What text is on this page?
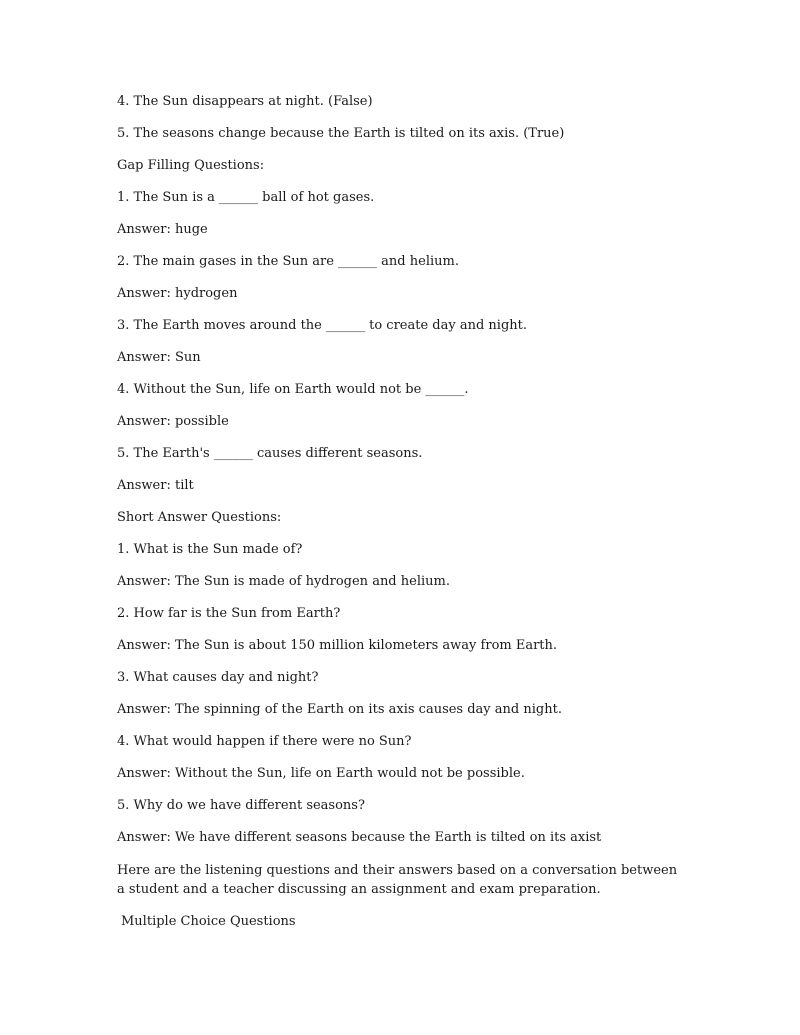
4. The Sun disappears at night. (False)
5. The seasons change because the Earth is tilted on its axis. (True)
Gap Filling Questions:
1. The Sun is a ______ ball of hot gases.
Answer: huge
2. The main gases in the Sun are ______ and helium.
Answer: hydrogen
3. The Earth moves around the ______ to create day and night.
Answer: Sun
4. Without the Sun, life on Earth would not be ______.
Answer: possible
5. The Earth's ______ causes different seasons.
Answer: tilt
Short Answer Questions:
1. What is the Sun made of?
Answer: The Sun is made of hydrogen and helium.
2. How far is the Sun from Earth?
Answer: The Sun is about 150 million kilometers away from Earth.
3. What causes day and night?
Answer: The spinning of the Earth on its axis causes day and night.
4. What would happen if there were no Sun?
Answer: Without the Sun, life on Earth would not be possible.
5. Why do we have different seasons?
Answer: We have different seasons because the Earth is tilted on its axist
Here are the listening questions and their answers based on a conversation between a student and a teacher discussing an assignment and exam preparation.
Multiple Choice Questions
